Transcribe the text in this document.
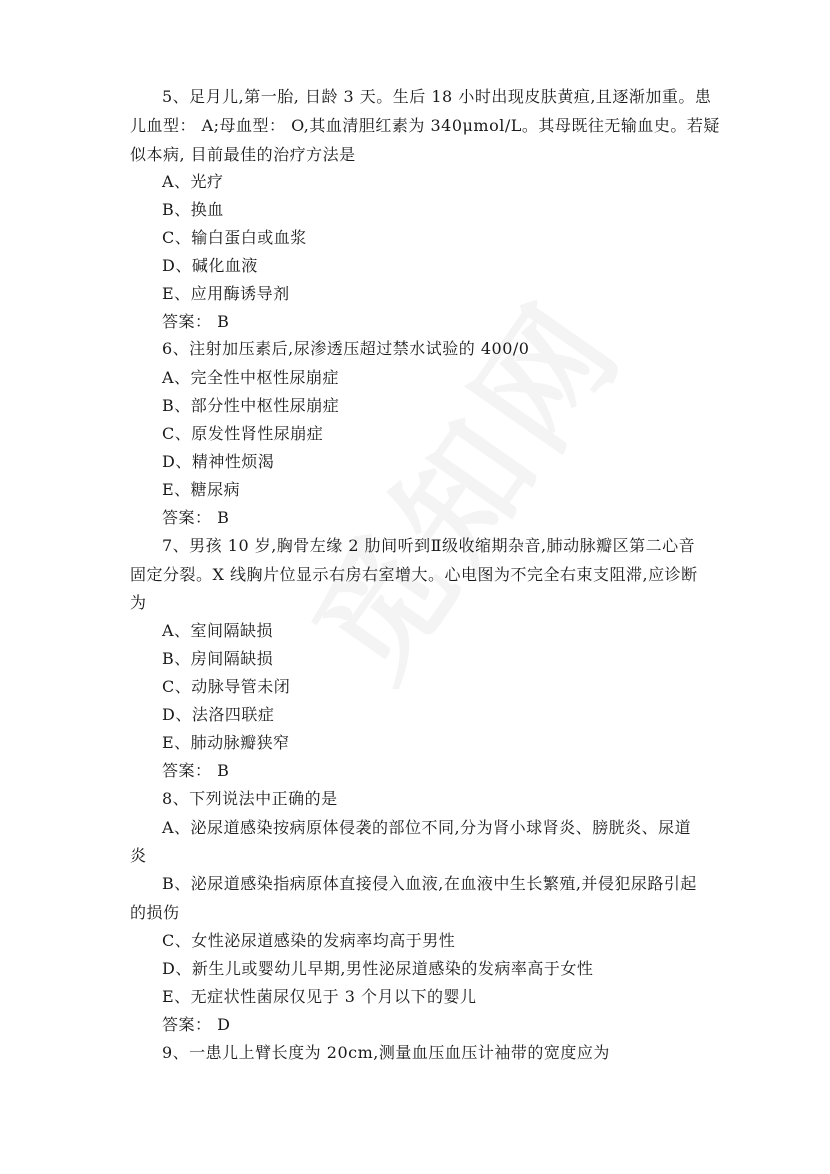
5、足月儿,第一胎, 日龄 3 天。生后 18 小时出现皮肤黄疸,且逐渐加重。患
儿血型： A;母血型： O,其血清胆红素为 340μmol/L。其母既往无输血史。若疑
似本病, 目前最佳的治疗方法是
A、光疗
B、换血
C、输白蛋白或血浆
D、碱化血液
E、应用酶诱导剂
答案： B
6、注射加压素后,尿渗透压超过禁水试验的 400/0
A、完全性中枢性尿崩症
B、部分性中枢性尿崩症
C、原发性肾性尿崩症
D、精神性烦渴
E、糖尿病
答案： B
7、男孩 10 岁,胸骨左缘 2 肋间听到Ⅱ级收缩期杂音,肺动脉瓣区第二心音
固定分裂。X 线胸片位显示右房右室增大。心电图为不完全右束支阻滞,应诊断
为
A、室间隔缺损
B、房间隔缺损
C、动脉导管未闭
D、法洛四联症
E、肺动脉瓣狭窄
答案： B
8、下列说法中正确的是
A、泌尿道感染按病原体侵袭的部位不同,分为肾小球肾炎、膀胱炎、尿道
炎
B、泌尿道感染指病原体直接侵入血液,在血液中生长繁殖,并侵犯尿路引起
的损伤
C、女性泌尿道感染的发病率均高于男性
D、新生儿或婴幼儿早期,男性泌尿道感染的发病率高于女性
E、无症状性菌尿仅见于 3 个月以下的婴儿
答案： D
9、一患儿上臂长度为 20cm,测量血压血压计袖带的宽度应为
